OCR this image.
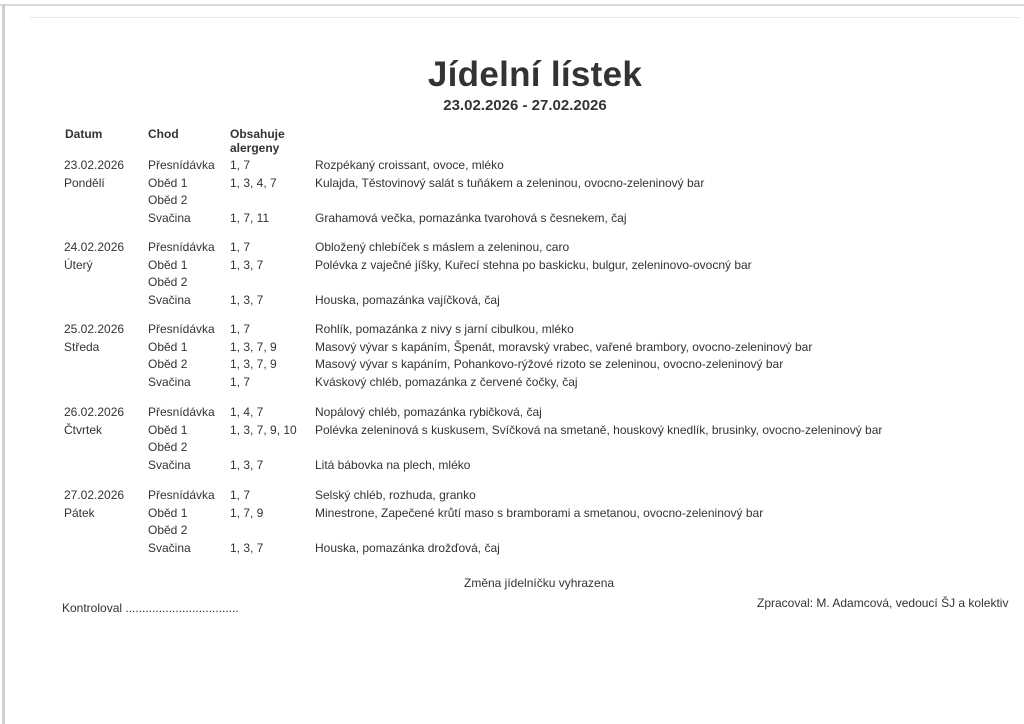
Jídelní lístek
23.02.2026 - 27.02.2026
Datum	Chod	Obsahuje
alergeny
23.02.2026
Pondělí
Přesnídávka 1, 7	Rozpékaný croissant, ovoce, mléko
Oběd 1	1, 3, 4, 7	Kulajda, Těstovinový salát s tuňákem a zeleninou, ovocno-zeleninový bar
Oběd 2
Svačina	1, 7, 11	Grahamová večka, pomazánka tvarohová s česnekem, čaj
24.02.2026
Úterý
Přesnídávka 1, 7	Obložený chlebíček s máslem a zeleninou, caro
Oběd 1	1, 3, 7	Polévka z vaječné jíšky, Kuřecí stehna po baskicku, bulgur, zeleninovo-ovocný bar
Oběd 2
Svačina	1, 3, 7	Houska, pomazánka vajíčková, čaj
25.02.2026
Středa
Přesnídávka 1, 7	Rohlík, pomazánka z nivy s jarní cibulkou, mléko
Oběd 1	1, 3, 7, 9	Masový vývar s kapáním, Špenát, moravský vrabec, vařené brambory, ovocno-zeleninový bar
Oběd 2	1, 3, 7, 9	Masový vývar s kapáním, Pohankovo-rýžové rizoto se zeleninou, ovocno-zeleninový bar
Svačina	1, 7	Kváskový chléb, pomazánka z červené čočky, čaj
26.02.2026
Čtvrtek
Přesnídávka 1, 4, 7	Nopálový chléb, pomazánka rybičková, čaj
Oběd 1	1, 3, 7, 9, 10 Polévka zeleninová s kuskusem, Svíčková na smetaně, houskový knedlík, brusinky, ovocno-zeleninový bar
Oběd 2
Svačina	1, 3, 7	Litá bábovka na plech, mléko
27.02.2026
Pátek
Přesnídávka 1, 7	Selský chléb, rozhuda, granko
Oběd 1	1, 7, 9	Minestrone, Zapečené krůtí maso s bramborami a smetanou, ovocno-zeleninový bar
Oběd 2
Svačina	1, 3, 7	Houska, pomazánka drožďová, čaj
Změna jídelníčku vyhrazena
Kontroloval ..................................	Zpracoval: M. Adamcová, vedoucí ŠJ a kolektiv
